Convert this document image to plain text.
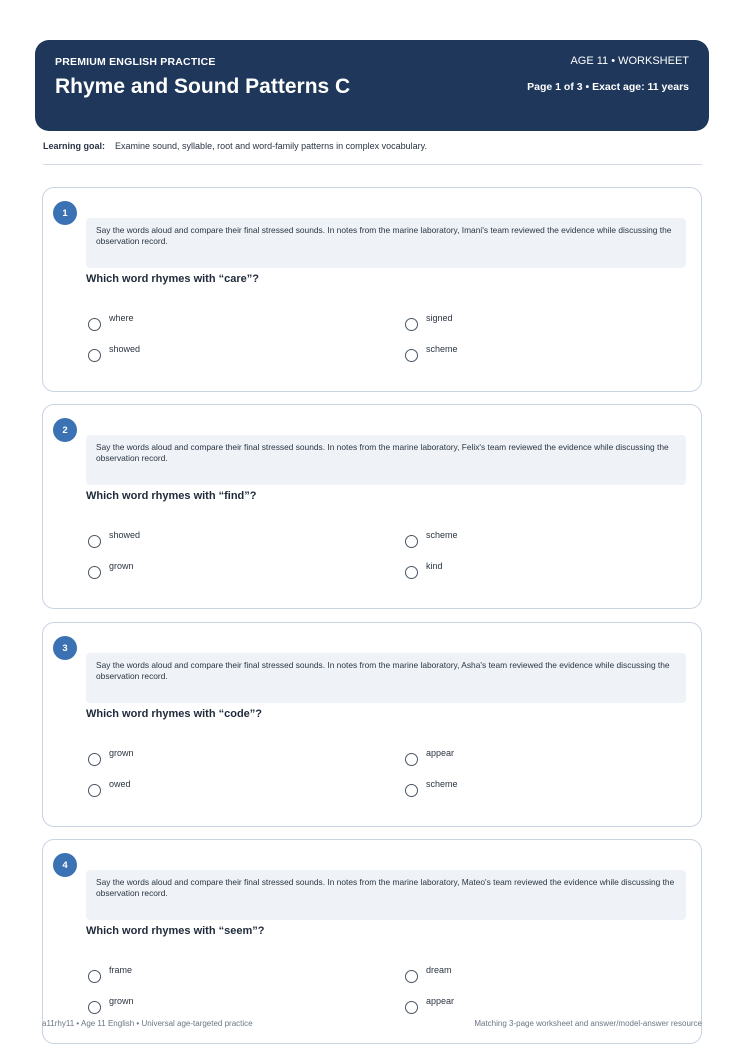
PREMIUM ENGLISH PRACTICE
Rhyme and Sound Patterns C
AGE 11 • WORKSHEET
Page 1 of 3 • Exact age: 11 years
Learning goal: Examine sound, syllable, root and word-family patterns in complex vocabulary.
1
Say the words aloud and compare their final stressed sounds. In notes from the marine laboratory, Imani's team reviewed the evidence while discussing the observation record.
Which word rhymes with “care”?
where	signed
showed	scheme
2
Say the words aloud and compare their final stressed sounds. In notes from the marine laboratory, Felix's team reviewed the evidence while discussing the observation record.
Which word rhymes with “find”?
showed	scheme
grown	kind
3
Say the words aloud and compare their final stressed sounds. In notes from the marine laboratory, Asha's team reviewed the evidence while discussing the observation record.
Which word rhymes with “code”?
grown	appear
owed	scheme
4
Say the words aloud and compare their final stressed sounds. In notes from the marine laboratory, Mateo's team reviewed the evidence while discussing the observation record.
Which word rhymes with “seem”?
frame	dream
grown	appear
a11rhy11 • Age 11 English • Universal age-targeted practice	Matching 3-page worksheet and answer/model-answer resource
